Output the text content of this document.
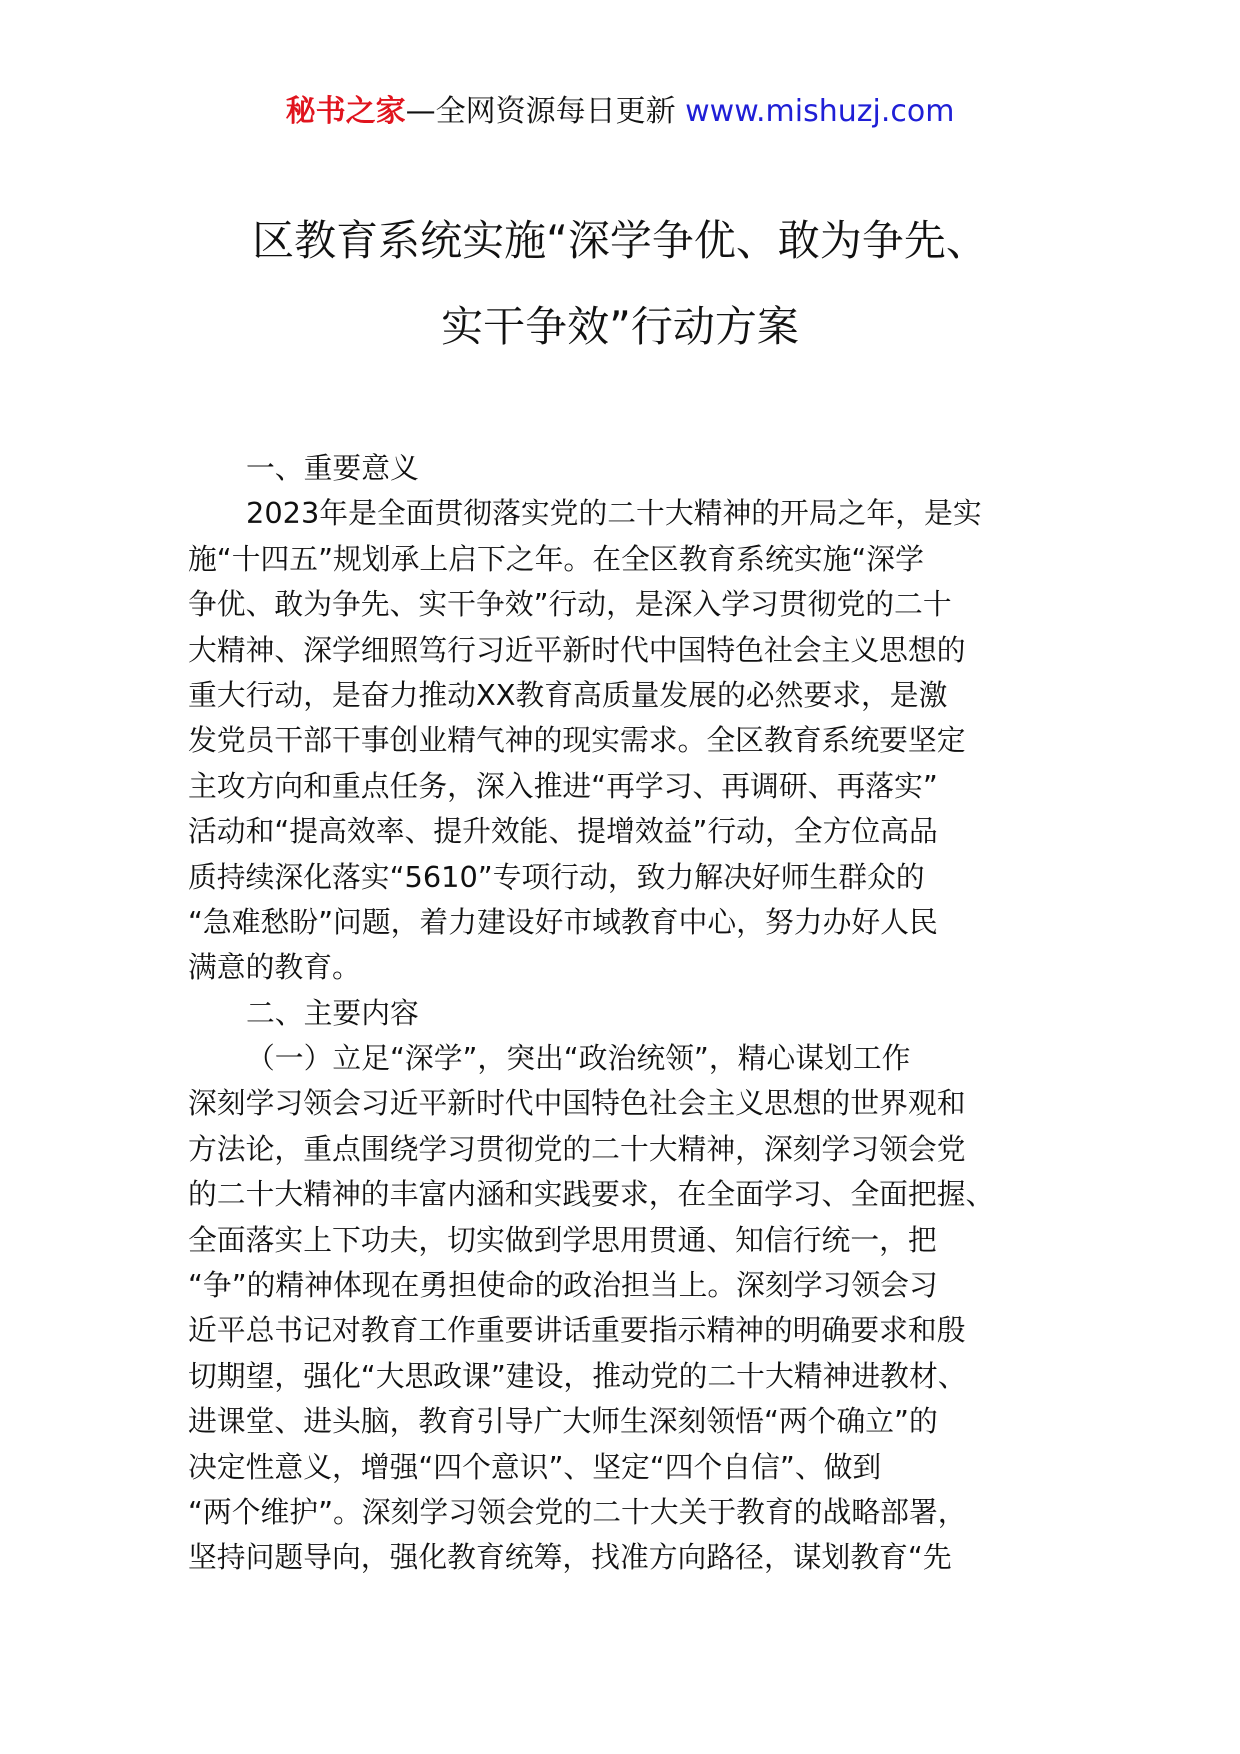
秘书之家—全网资源每日更新 www.mishuzj.com
区教育系统实施“深学争优、敢为争先、
实干争效”行动方案
一、重要意义
2023年是全面贯彻落实党的二十大精神的开局之年，是实
施“十四五”规划承上启下之年。在全区教育系统实施“深学
争优、敢为争先、实干争效”行动，是深入学习贯彻党的二十
大精神、深学细照笃行习近平新时代中国特色社会主义思想的
重大行动，是奋力推动XX教育高质量发展的必然要求，是激
发党员干部干事创业精气神的现实需求。全区教育系统要坚定
主攻方向和重点任务，深入推进“再学习、再调研、再落实”
活动和“提高效率、提升效能、提增效益”行动，全方位高品
质持续深化落实“5610”专项行动，致力解决好师生群众的
“急难愁盼”问题，着力建设好市域教育中心，努力办好人民
满意的教育。
二、主要内容
（一）立足“深学”，突出“政治统领”，精心谋划工作
深刻学习领会习近平新时代中国特色社会主义思想的世界观和
方法论，重点围绕学习贯彻党的二十大精神，深刻学习领会党
的二十大精神的丰富内涵和实践要求，在全面学习、全面把握、
全面落实上下功夫，切实做到学思用贯通、知信行统一，把
“争”的精神体现在勇担使命的政治担当上。深刻学习领会习
近平总书记对教育工作重要讲话重要指示精神的明确要求和殷
切期望，强化“大思政课”建设，推动党的二十大精神进教材、
进课堂、进头脑，教育引导广大师生深刻领悟“两个确立”的
决定性意义，增强“四个意识”、坚定“四个自信”、做到
“两个维护”。深刻学习领会党的二十大关于教育的战略部署，
坚持问题导向，强化教育统筹，找准方向路径，谋划教育“先
